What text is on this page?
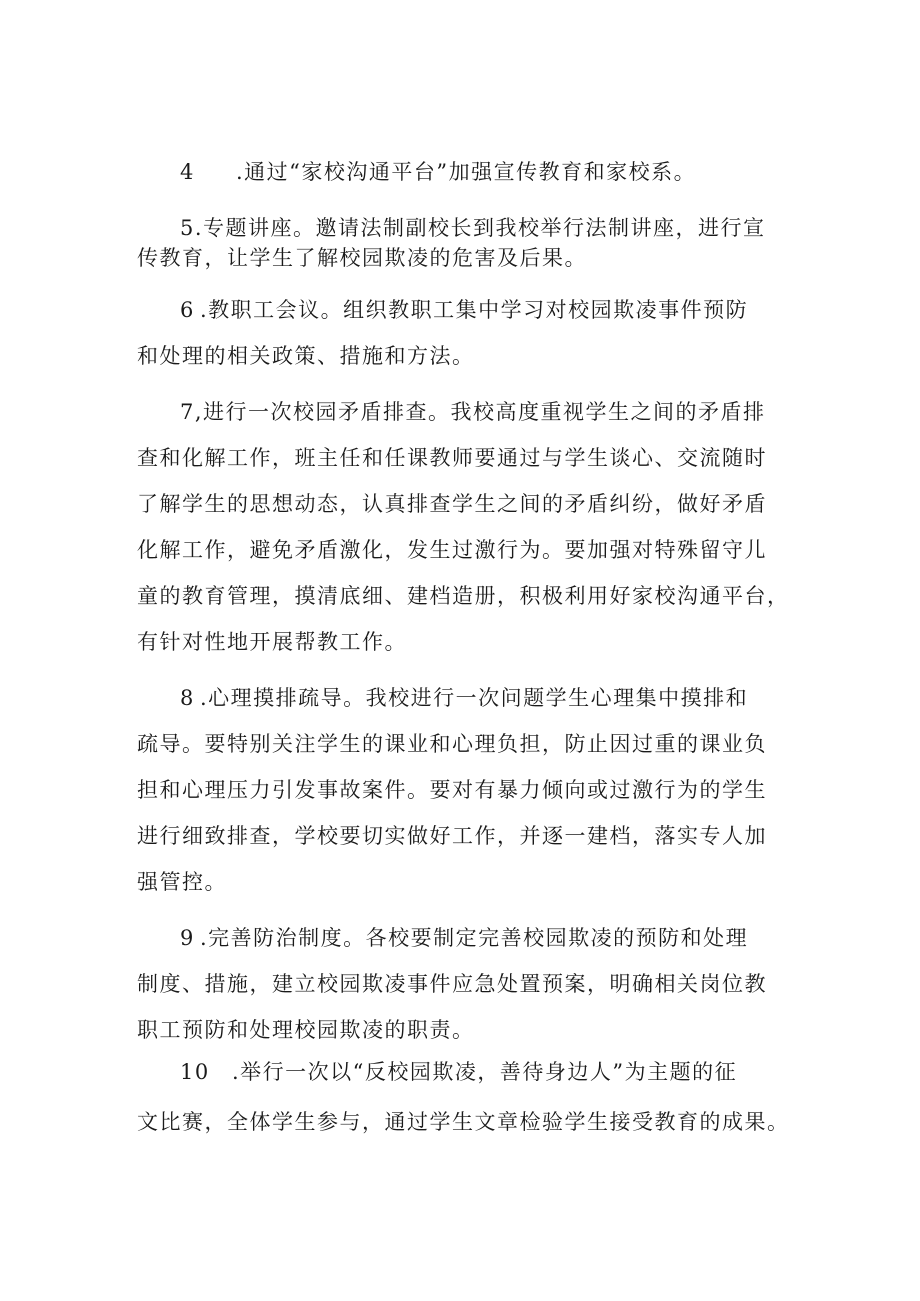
4 .通过“家校沟通平台”加强宣传教育和家校系。
5.专题讲座。邀请法制副校长到我校举行法制讲座，进行宣
传教育，让学生了解校园欺凌的危害及后果。
6 .教职工会议。组织教职工集中学习对校园欺凌事件预防
和处理的相关政策、措施和方法。
7,进行一次校园矛盾排查。我校高度重视学生之间的矛盾排
查和化解工作，班主任和任课教师要通过与学生谈心、交流随时
了解学生的思想动态，认真排查学生之间的矛盾纠纷，做好矛盾
化解工作，避免矛盾激化，发生过激行为。要加强对特殊留守儿
童的教育管理，摸清底细、建档造册，积极利用好家校沟通平台，
有针对性地开展帮教工作。
8 .心理摸排疏导。我校进行一次问题学生心理集中摸排和
疏导。要特别关注学生的课业和心理负担，防止因过重的课业负
担和心理压力引发事故案件。要对有暴力倾向或过激行为的学生
进行细致排查，学校要切实做好工作，并逐一建档，落实专人加
强管控。
9 .完善防治制度。各校要制定完善校园欺凌的预防和处理
制度、措施，建立校园欺凌事件应急处置预案，明确相关岗位教
职工预防和处理校园欺凌的职责。
10 .举行一次以“反校园欺凌，善待身边人”为主题的征
文比赛，全体学生参与，通过学生文章检验学生接受教育的成果。
